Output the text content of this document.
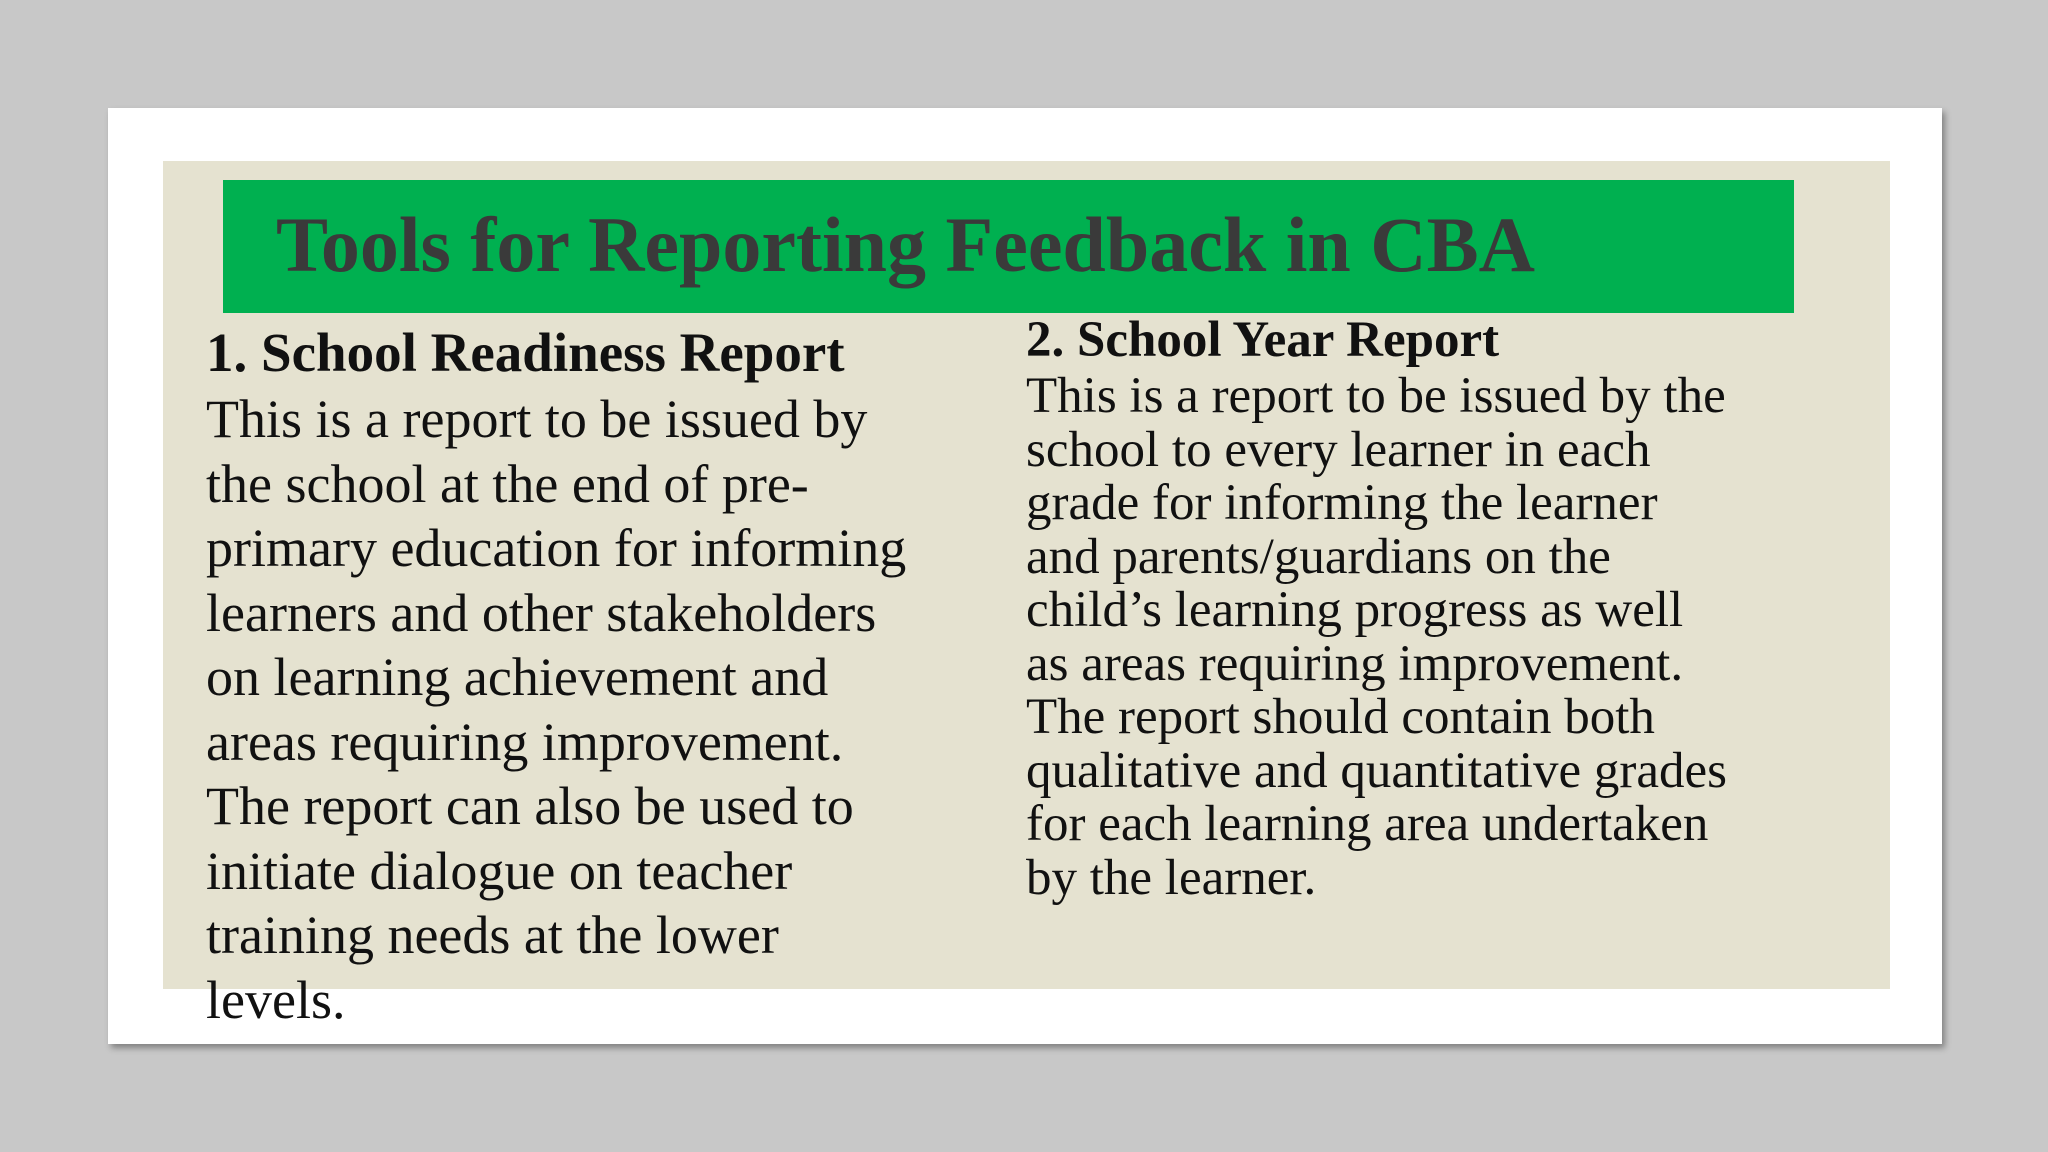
Tools for Reporting Feedback in CBA
1. School Readiness Report
This is a report to be issued by
the school at the end of pre-
primary education for informing
learners and other stakeholders
on learning achievement and
areas requiring improvement.
The report can also be used to
initiate dialogue on teacher
training needs at the lower
levels.
2. School Year Report
This is a report to be issued by the
school to every learner in each
grade for informing the learner
and parents/guardians on the
child’s learning progress as well
as areas requiring improvement.
The report should contain both
qualitative and quantitative grades
for each learning area undertaken
by the learner.
